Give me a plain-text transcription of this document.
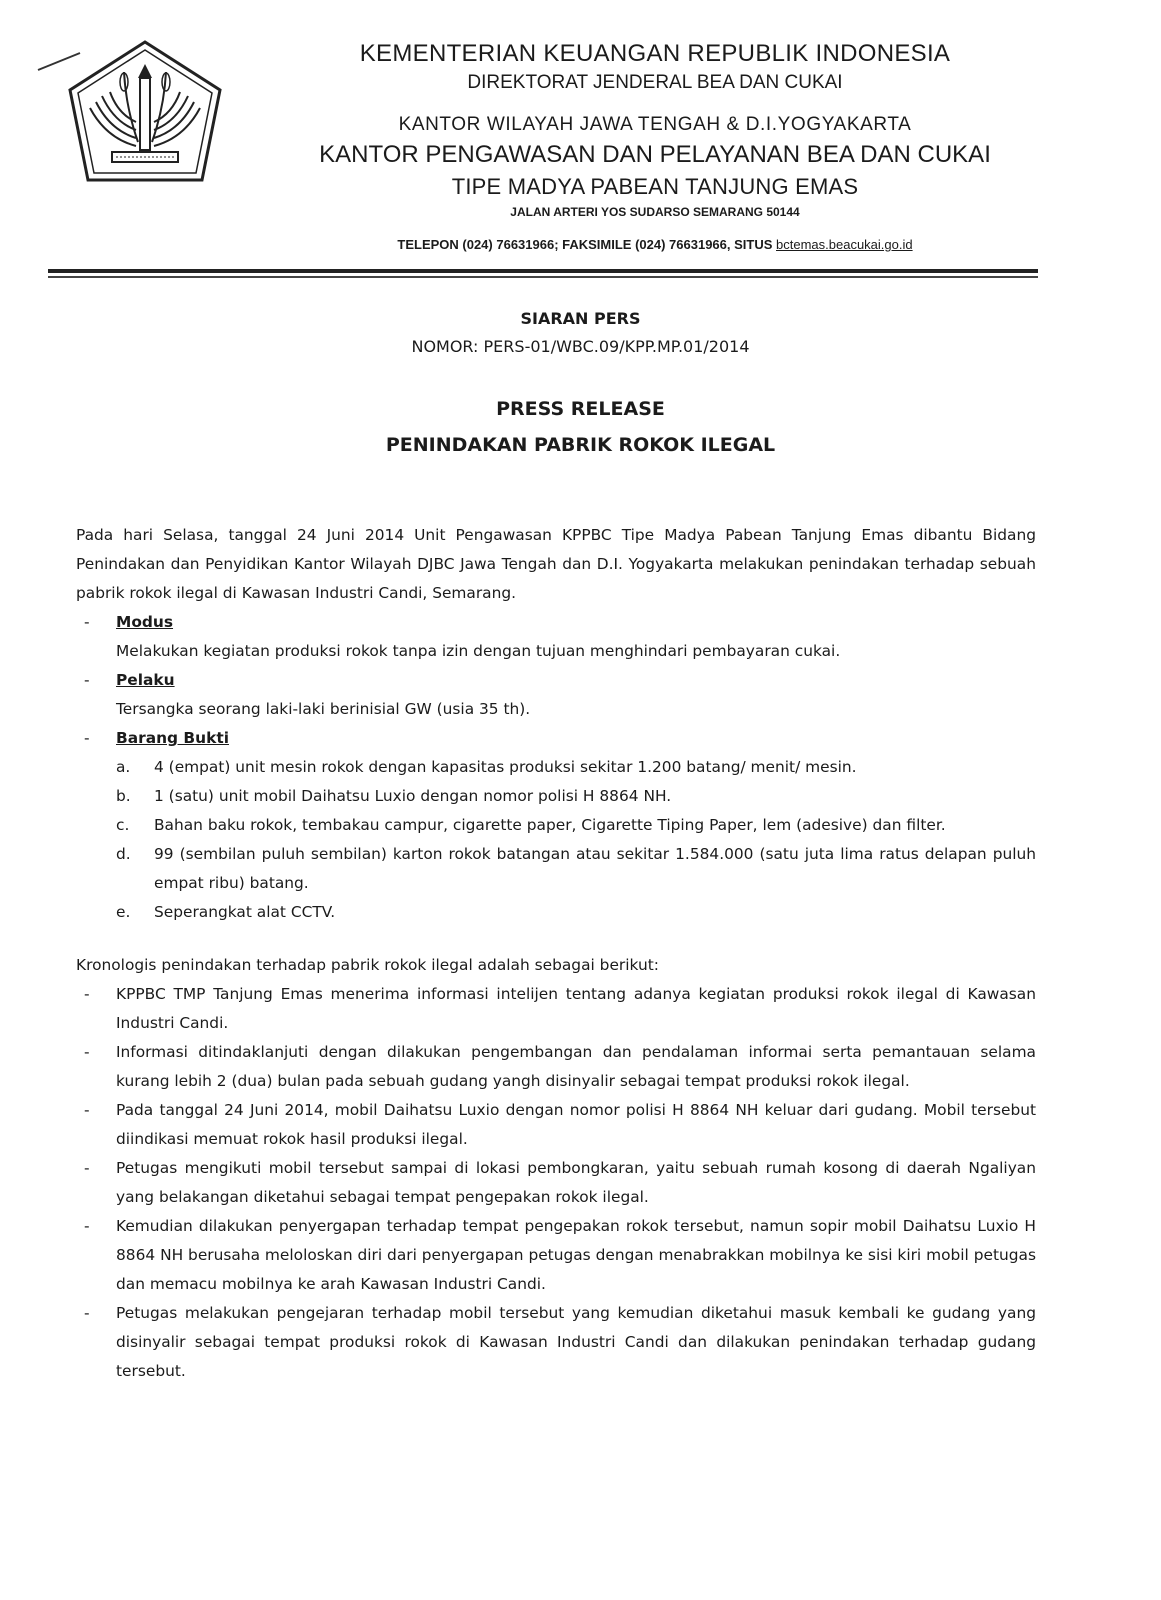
KEMENTERIAN KEUANGAN REPUBLIK INDONESIA
DIREKTORAT JENDERAL BEA DAN CUKAI
KANTOR WILAYAH JAWA TENGAH & D.I.YOGYAKARTA
KANTOR PENGAWASAN DAN PELAYANAN BEA DAN CUKAI
TIPE MADYA PABEAN TANJUNG EMAS
JALAN ARTERI YOS SUDARSO SEMARANG 50144
TELEPON (024) 76631966; FAKSIMILE (024) 76631966, SITUS bctemas.beacukai.go.id
SIARAN PERS
NOMOR: PERS-01/WBC.09/KPP.MP.01/2014
PRESS RELEASE
PENINDAKAN PABRIK ROKOK ILEGAL

Pada hari Selasa, tanggal 24 Juni 2014 Unit Pengawasan KPPBC Tipe Madya Pabean Tanjung Emas dibantu Bidang Penindakan dan Penyidikan Kantor Wilayah DJBC Jawa Tengah dan D.I. Yogyakarta melakukan penindakan terhadap sebuah pabrik rokok ilegal di Kawasan Industri Candi, Semarang.

- Modus
Melakukan kegiatan produksi rokok tanpa izin dengan tujuan menghindari pembayaran cukai.
- Pelaku
Tersangka seorang laki-laki berinisial GW (usia 35 th).
- Barang Bukti
a. 4 (empat) unit mesin rokok dengan kapasitas produksi sekitar 1.200 batang/ menit/ mesin.
b. 1 (satu) unit mobil Daihatsu Luxio dengan nomor polisi H 8864 NH.
c. Bahan baku rokok, tembakau campur, cigarette paper, Cigarette Tiping Paper, lem (adesive) dan filter.
d. 99 (sembilan puluh sembilan) karton rokok batangan atau sekitar 1.584.000 (satu juta lima ratus delapan puluh empat ribu) batang.
e. Seperangkat alat CCTV.

Kronologis penindakan terhadap pabrik rokok ilegal adalah sebagai berikut:

- KPPBC TMP Tanjung Emas menerima informasi intelijen tentang adanya kegiatan produksi rokok ilegal di Kawasan Industri Candi.
- Informasi ditindaklanjuti dengan dilakukan pengembangan dan pendalaman informai serta pemantauan selama kurang lebih 2 (dua) bulan pada sebuah gudang yangh disinyalir sebagai tempat produksi rokok ilegal.
- Pada tanggal 24 Juni 2014, mobil Daihatsu Luxio dengan nomor polisi H 8864 NH keluar dari gudang. Mobil tersebut diindikasi memuat rokok hasil produksi ilegal.
- Petugas mengikuti mobil tersebut sampai di lokasi pembongkaran, yaitu sebuah rumah kosong di daerah Ngaliyan yang belakangan diketahui sebagai tempat pengepakan rokok ilegal.
- Kemudian dilakukan penyergapan terhadap tempat pengepakan rokok tersebut, namun sopir mobil Daihatsu Luxio H 8864 NH berusaha meloloskan diri dari penyergapan petugas dengan menabrakkan mobilnya ke sisi kiri mobil petugas dan memacu mobilnya ke arah Kawasan Industri Candi.
- Petugas melakukan pengejaran terhadap mobil tersebut yang kemudian diketahui masuk kembali ke gudang yang disinyalir sebagai tempat produksi rokok di Kawasan Industri Candi dan dilakukan penindakan terhadap gudang tersebut.
